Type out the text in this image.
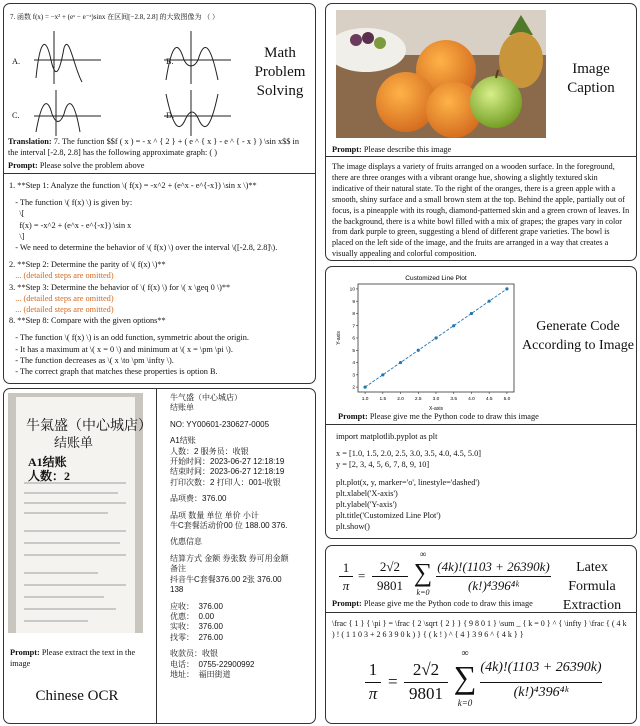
7. 函数 f(x) = −x² + (eˣ − e⁻ˣ)sinx 在区间[−2.8, 2.8] 的大致图像为 （ ）
A.	B.
C.	D.
Math Problem Solving
Translation: 7. The function $$f ( x ) = - x ^ { 2 } + ( e ^ { x } - e ^ { - x } ) \sin x$$ in the interval [-2.8, 2.8] has the following approximate graph: ( )
Prompt: Please solve the problem above
1. **Step 1: Analyze the function \( f(x) = -x^2 + (e^x - e^{-x}) \sin x \)**
- The function \( f(x) \) is given by:
\[
f(x) = -x^2 + (e^x - e^{-x}) \sin x
\]
- We need to determine the behavior of \( f(x) \) over the interval \([-2.8, 2.8]\).
2. **Step 2: Determine the parity of \( f(x) \)**
... (detailed steps are omitted)
3. **Step 3: Determine the behavior of \( f(x) \) for \( x \geq 0 \)**
... (detailed steps are omitted)
... (detailed steps are omitted)
8. **Step 8: Compare with the given options**
- The function \( f(x) \) is an odd function, symmetric about the origin.
- It has a maximum at \( x = 0 \) and minimum at \( x = \pm \pi \).
- The function decreases as \( x \to \pm \infty \).
- The correct graph that matches these properties is option B.
Image Caption
Prompt: Please describe this image
The image displays a variety of fruits arranged on a wooden surface. In the foreground, there are three oranges with a vibrant orange hue, showing a slightly textured skin indicative of their natural state. To the right of the oranges, there is a green apple with a smooth, shiny surface and a small brown stem at the top. Behind the apple, partially out of focus, is a pineapple with its rough, diamond-patterned skin and a green crown of leaves. In the background, there is a white bowl filled with a mix of grapes; the grapes vary in color from dark purple to green, suggesting a blend of different grape varieties. The bowl is placed on the left side of the image, and the fruits are arranged in a way that creates a visually appealing and colorful composition.
Customized Line Plot
X-axis
Y-axis
1.0 1.5 2.0 2.5 3.0 3.5 4.0 4.5 5.0
2
3
4
5
6
7
8
9
10
Generate Code According to Image
Prompt: Please give me the Python code to draw this image
import matplotlib.pyplot as plt
x = [1.0, 1.5, 2.0, 2.5, 3.0, 3.5, 4.0, 4.5, 5.0]
y = [2, 3, 4, 5, 6, 7, 8, 9, 10]
plt.plot(x, y, marker='o', linestyle='dashed')
plt.xlabel('X-axis')
plt.ylabel('Y-axis')
plt.title('Customized Line Plot')
plt.show()
牛氣盛（中心城店）
结账单
A1结账
人数：2
Prompt: Please extract the text in the image
Chinese OCR
牛气盛（中心城店）
结账单
NO: YY00601-230627-0005
A1结账
人数：2 服务员：收银
开始时间：2023-06-27 12:18:19
结束时间：2023-06-27 12:18:19
打印次数：2 打印人：001-收银
品项费：376.00
品项 数量 单位 单价 小计
牛C套餐活动价00 位 188.00 376.
优惠信息
结算方式 金额 券张数 券可用金额
备注
抖音牛C套餐376.00 2张 376.00
138
应收：  376.00
优惠：  0.00
实收：  376.00
找零：  276.00
收款员：收银
电话：  0755-22900992
地址：  福田街道
1
π
=
2√2
9801
∞
∑
k=0
(4k)!(1103 + 26390k)
(k!)⁴396⁴ᵏ
Latex Formula Extraction
Prompt: Please give me the Python code to draw this image
\frac { 1 } { \pi } = \frac { 2 \sqrt { 2 } } { 9 8 0 1 } \sum _ { k = 0 } ^ { \infty } \frac { ( 4 k ) ! ( 1 1 0 3 + 2 6 3 9 0 k ) } { ( k ! ) ^ { 4 } 3 9 6 ^ { 4 k } }
1
π
=
2√2
9801
∞
∑
k=0
(4k)!(1103 + 26390k)
(k!)⁴396⁴ᵏ
